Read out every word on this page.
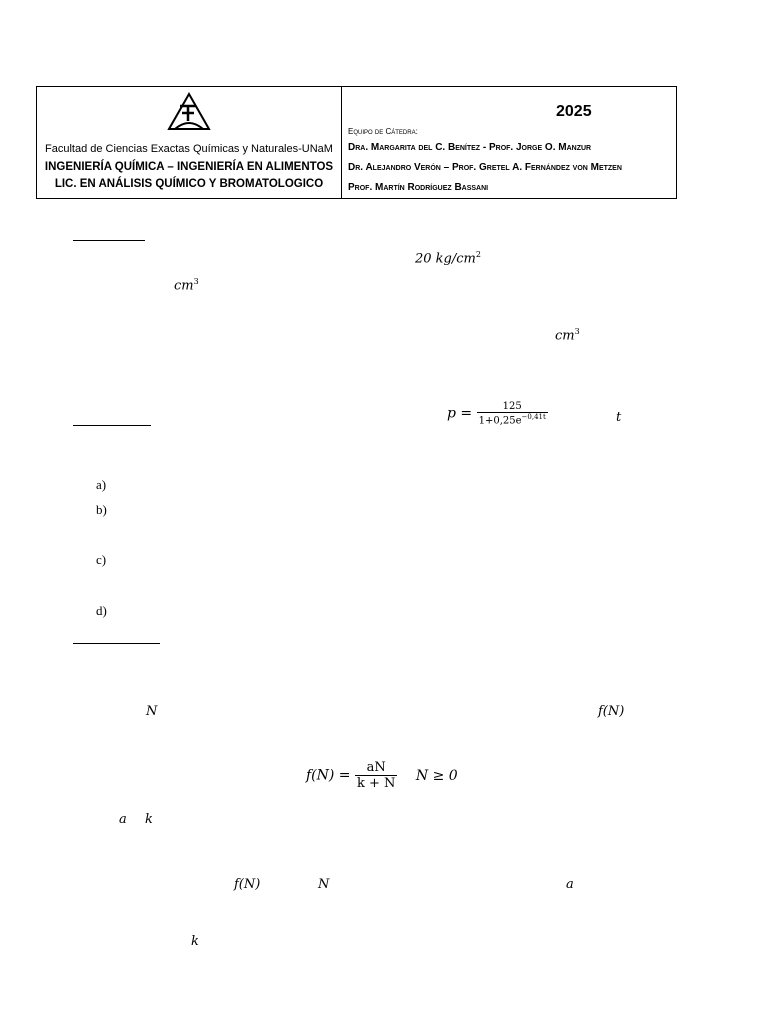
Facultad de Ciencias Exactas Químicas y Naturales-UNaM
INGENIERÍA QUÍMICA – INGENIERÍA EN ALIMENTOS
LIC. EN ANÁLISIS QUÍMICO Y BROMATOLOGICO
2025
Equipo de Cátedra:
Dra. Margarita del C. Benítez - Prof. Jorge O. Manzur
Dr. Alejandro Verón – Prof. Gretel A. Fernández von Metzen
Prof. Martín Rodríguez Bassani
20 $kg/cm^2$
$cm^3$
$cm^3$
$p = \frac{125}{1+0,25e^{-0,41t}}$	t
a)
b)
c)
d)
N	f(N)
$f(N) = \frac{aN}{k + N}$ N ≥ 0
a k
f(N)	N	a
k
